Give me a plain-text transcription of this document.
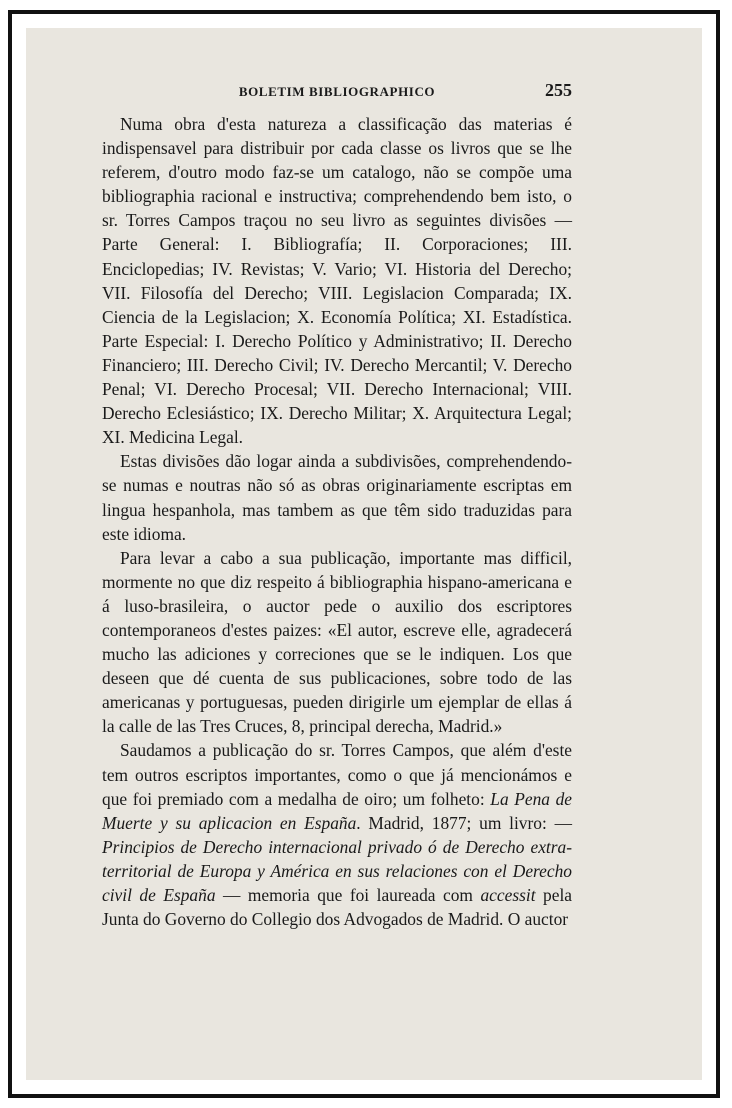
BOLETIM BIBLIOGRAPHICO	255

Numa obra d'esta natureza a classificação das materias é indispensavel para distribuir por cada classe os livros que se lhe referem, d'outro modo faz-se um catalogo, não se compõe uma bibliographia racional e instructiva; comprehendendo bem isto, o sr. Torres Campos traçou no seu livro as seguintes divisões — Parte General: I. Bibliografía; II. Corporaciones; III. Enciclopedias; IV. Revistas; V. Vario; VI. Historia del Derecho; VII. Filosofía del Derecho; VIII. Legislacion Comparada; IX. Ciencia de la Legislacion; X. Economía Política; XI. Estadística. Parte Especial: I. Derecho Político y Administrativo; II. Derecho Financiero; III. Derecho Civil; IV. Derecho Mercantil; V. Derecho Penal; VI. Derecho Procesal; VII. Derecho Internacional; VIII. Derecho Eclesiástico; IX. Derecho Militar; X. Arquitectura Legal; XI. Medicina Legal.

Estas divisões dão logar ainda a subdivisões, comprehendendo-se numas e noutras não só as obras originariamente escriptas em lingua hespanhola, mas tambem as que têm sido traduzidas para este idioma.

Para levar a cabo a sua publicação, importante mas difficil, mormente no que diz respeito á bibliographia hispano-americana e á luso-brasileira, o auctor pede o auxilio dos escriptores contemporaneos d'estes paizes: «El autor, escreve elle, agradecerá mucho las adiciones y correciones que se le indiquen. Los que deseen que dé cuenta de sus publicaciones, sobre todo de las americanas y portuguesas, pueden dirigirle um ejemplar de ellas á la calle de las Tres Cruces, 8, principal derecha, Madrid.»

Saudamos a publicação do sr. Torres Campos, que além d'este tem outros escriptos importantes, como o que já mencionámos e que foi premiado com a medalha de oiro; um folheto: La Pena de Muerte y su aplicacion en España. Madrid, 1877; um livro: — Principios de Derecho internacional privado ó de Derecho extra-territorial de Europa y América en sus relaciones con el Derecho civil de España — memoria que foi laureada com accessit pela Junta do Governo do Collegio dos Advogados de Madrid. O auctor
